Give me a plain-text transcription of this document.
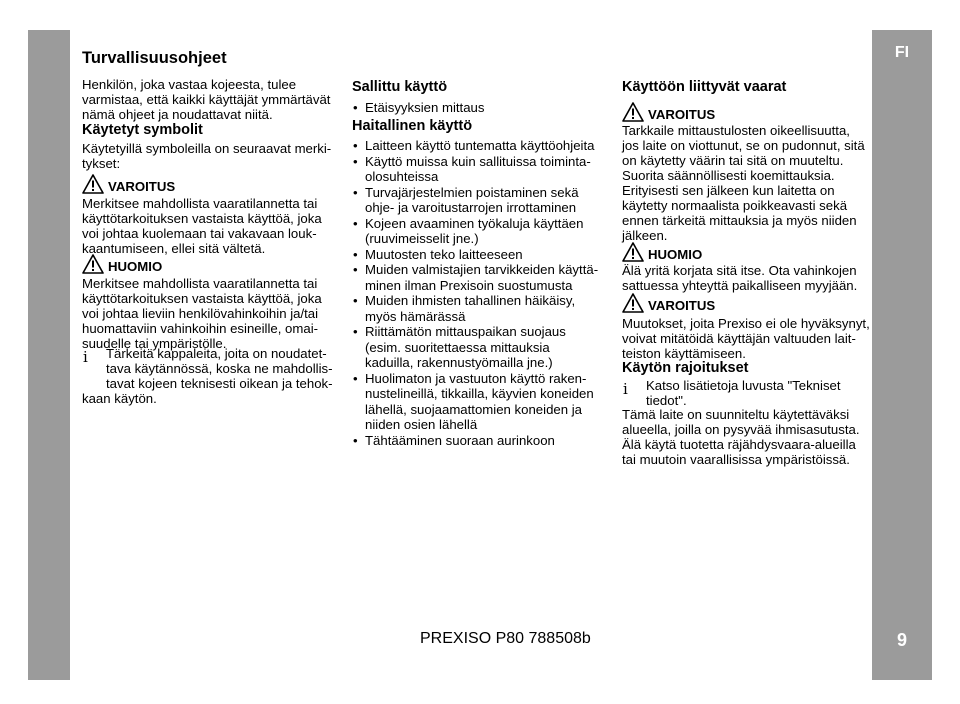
FI
9
Turvallisuusohjeet
Henkilön, joka vastaa kojeesta, tulee
varmistaa, että kaikki käyttäjät ymmärtävät
nämä ohjeet ja noudattavat niitä.
Käytetyt symbolit
Käytetyillä symboleilla on seuraavat merki-
tykset:
VAROITUS
Merkitsee mahdollista vaaratilannetta tai
käyttötarkoituksen vastaista käyttöä, joka
voi johtaa kuolemaan tai vakavaan louk-
kaantumiseen, ellei sitä vältetä.
HUOMIO
Merkitsee mahdollista vaaratilannetta tai
käyttötarkoituksen vastaista käyttöä, joka
voi johtaa lieviin henkilövahinkoihin ja/tai
huomattaviin vahinkoihin esineille, omai-
suudelle tai ympäristölle.
i Tärkeitä kappaleita, joita on noudatet-
tava käytännössä, koska ne mahdollis-
tavat kojeen teknisesti oikean ja tehok-
kaan käytön.
Sallittu käyttö
• Etäisyyksien mittaus
Haitallinen käyttö
• Laitteen käyttö tuntematta käyttöohjeita
• Käyttö muissa kuin sallituissa toiminta-
olosuhteissa
• Turvajärjestelmien poistaminen sekä
ohje- ja varoitustarrojen irrottaminen
• Kojeen avaaminen työkaluja käyttäen
(ruuvimeisselit jne.)
• Muutosten teko laitteeseen
• Muiden valmistajien tarvikkeiden käyttä-
minen ilman Prexisoin suostumusta
• Muiden ihmisten tahallinen häikäisy,
myös hämärässä
• Riittämätön mittauspaikan suojaus
(esim. suoritettaessa mittauksia
kaduilla, rakennustyömailla jne.)
• Huolimaton ja vastuuton käyttö raken-
nustelineillä, tikkailla, käyvien koneiden
lähellä, suojaamattomien koneiden ja
niiden osien lähellä
• Tähtääminen suoraan aurinkoon
Käyttöön liittyvät vaarat
VAROITUS
Tarkkaile mittaustulosten oikeellisuutta,
jos laite on viottunut, se on pudonnut, sitä
on käytetty väärin tai sitä on muuteltu.
Suorita säännöllisesti koemittauksia.
Erityisesti sen jälkeen kun laitetta on
käytetty normaalista poikkeavasti sekä
ennen tärkeitä mittauksia ja myös niiden
jälkeen.
HUOMIO
Älä yritä korjata sitä itse. Ota vahinkojen
sattuessa yhteyttä paikalliseen myyjään.
VAROITUS
Muutokset, joita Prexiso ei ole hyväksynyt,
voivat mitätöidä käyttäjän valtuuden lait-
teiston käyttämiseen.
Käytön rajoitukset
i Katso lisätietoja luvusta "Tekniset
tiedot".
Tämä laite on suunniteltu käytettäväksi
alueella, joilla on pysyvää ihmisasutusta.
Älä käytä tuotetta räjähdysvaara-alueilla
tai muutoin vaarallisissa ympäristöissä.
PREXISO P80 788508b
